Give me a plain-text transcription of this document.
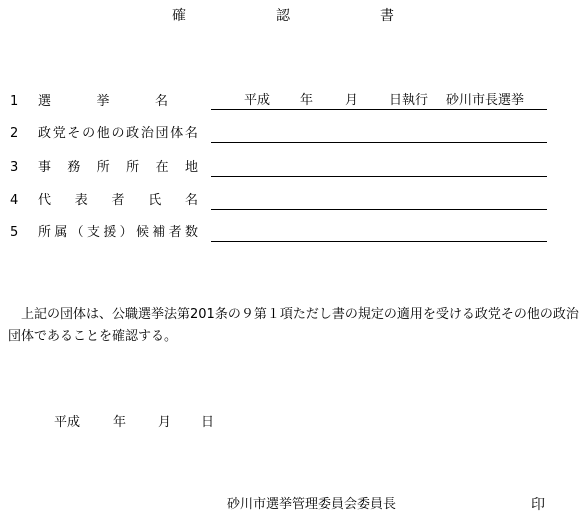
確	認	書
1 選	挙	名	平成 年 月 日執行 砂川市長選挙
2 政 党 そ の 他 の 政 治 団 体 名
3 事 務 所 所 在 地
4 代 表 者 氏 名
5 所 属 （ 支 援 ） 候 補 者 数
　上記の団体は、公職選挙法第201条の９第１項ただし書の規定の適用を受ける政党その他の政治団体であることを確認する。
平成	年 月 日
砂川市選挙管理委員会委員長	印
